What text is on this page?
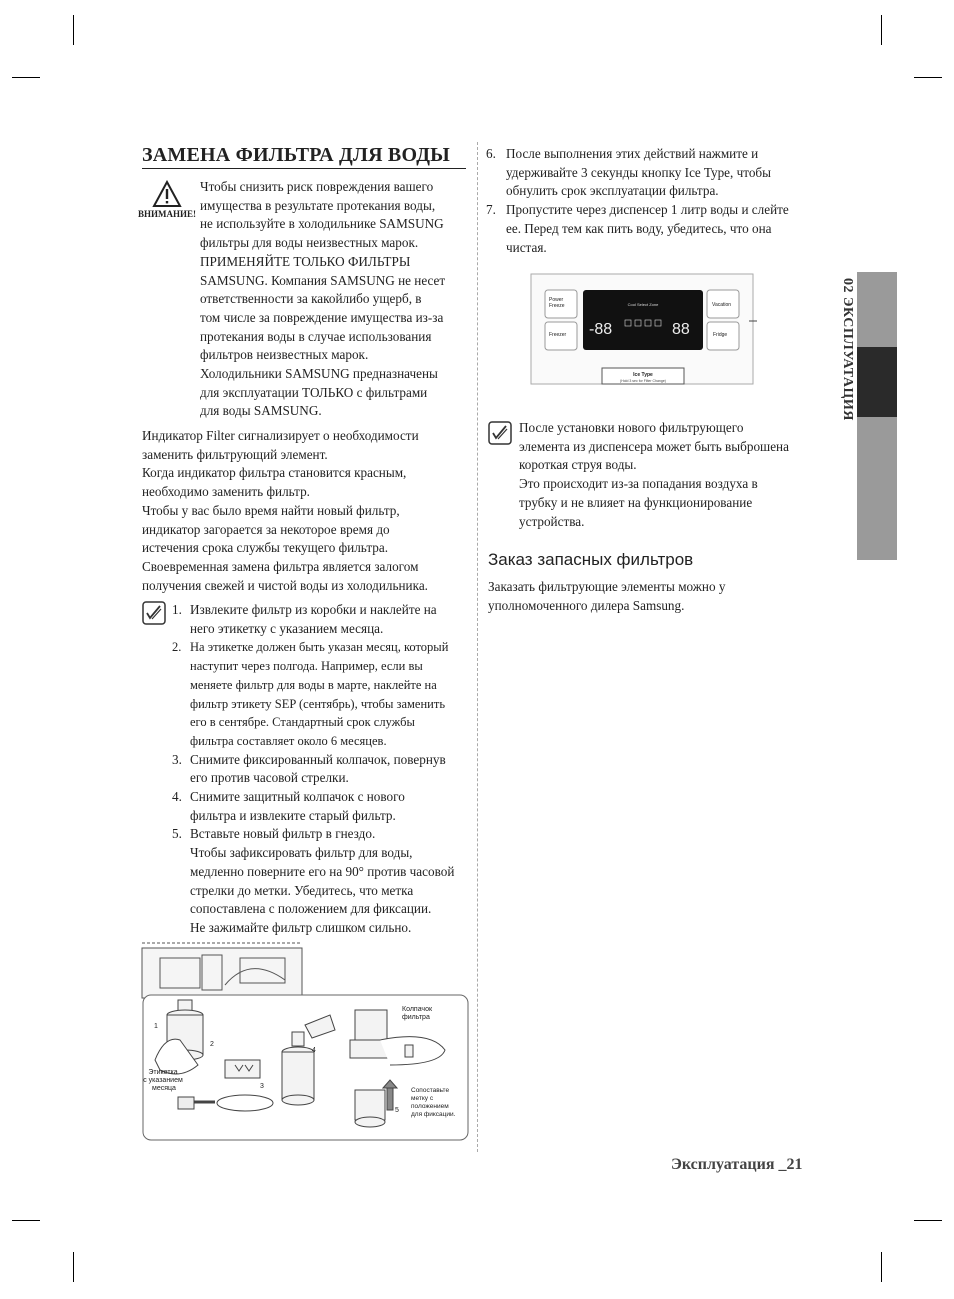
ЗАМЕНА ФИЛЬТРА ДЛЯ ВОДЫ
ВНИМАНИЕ!
Чтобы снизить риск повреждения вашего
имущества в результате протекания воды,
не используйте в холодильнике SAMSUNG
фильтры для воды неизвестных марок.
ПРИМЕНЯЙТЕ ТОЛЬКО ФИЛЬТРЫ
SAMSUNG. Компания SAMSUNG не несет
ответственности за какойлибо ущерб, в
том числе за повреждение имущества из-за
протекания воды в случае использования
фильтров неизвестных марок.
Холодильники SAMSUNG предназначены
для эксплуатации ТОЛЬКО с фильтрами
для воды SAMSUNG.
Индикатор Filter сигнализирует о необходимости
заменить фильтрующий элемент.
Когда индикатор фильтра становится красным,
необходимо заменить фильтр.
Чтобы у вас было время найти новый фильтр,
индикатор загорается за некоторое время до
истечения срока службы текущего фильтра.
Своевременная замена фильтра является залогом
получения свежей и чистой воды из холодильника.
1. Извлеките фильтр из коробки и наклейте на
него этикетку с указанием месяца.
2. На этикетке должен быть указан месяц, который
наступит через полгода. Например, если вы
меняете фильтр для воды в марте, наклейте на
фильтр этикету SEP (сентябрь), чтобы заменить
его в сентябре. Стандартный срок службы
фильтра составляет около 6 месяцев.
3. Снимите фиксированный колпачок, повернув
его против часовой стрелки.
4. Снимите защитный колпачок с нового
фильтра и извлеките старый фильтр.
5. Вставьте новый фильтр в гнездо.
Чтобы зафиксировать фильтр для воды,
медленно поверните его на 90° против часовой
стрелки до метки. Убедитесь, что метка
сопоставлена с положением для фиксации.
Не зажимайте фильтр слишком сильно.
1
2
3
4
5
Этикетка с указанием месяца
Колпачок фильтра
Сопоставьте метку с положением для фиксации.
6. После выполнения этих действий нажмите и
удерживайте 3 секунды кнопку Ice Type, чтобы
обнулить срок эксплуатации фильтра.
7. Пропустите через диспенсер 1 литр воды и слейте
ее. Перед тем как пить воду, убедитесь, что она
чистая.
Power Freeze
Freezer
Vacation
Fridge
Cool Select Zone
-88	88
Ice Type
(Hold 3 sec for Filter Change)
После установки нового фильтрующего
элемента из диспенсера может быть выброшена
короткая струя воды.
Это происходит из-за попадания воздуха в
трубку и не влияет на функционирование
устройства.
Заказ запасных фильтров
Заказать фильтрующие элементы можно у
уполномоченного дилера Samsung.
02 ЭКСПЛУАТАЦИЯ
Эксплуатация _21
